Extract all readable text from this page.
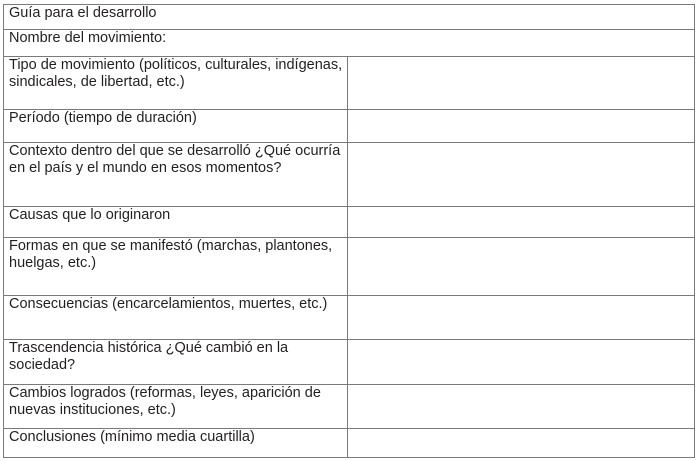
Guía para el desarrollo	
Nombre del movimiento:	
Tipo de movimiento (políticos, culturales, indígenas, sindicales, de libertad, etc.)	
Período (tiempo de duración)	
Contexto dentro del que se desarrolló ¿Qué ocurría en el país y el mundo en esos momentos?	
Causas que lo originaron	
Formas en que se manifestó (marchas, plantones, huelgas, etc.)	
Consecuencias (encarcelamientos, muertes, etc.)	
Trascendencia histórica ¿Qué cambió en la sociedad?	
Cambios logrados (reformas, leyes, aparición de nuevas instituciones, etc.)	
Conclusiones (mínimo media cuartilla)	
